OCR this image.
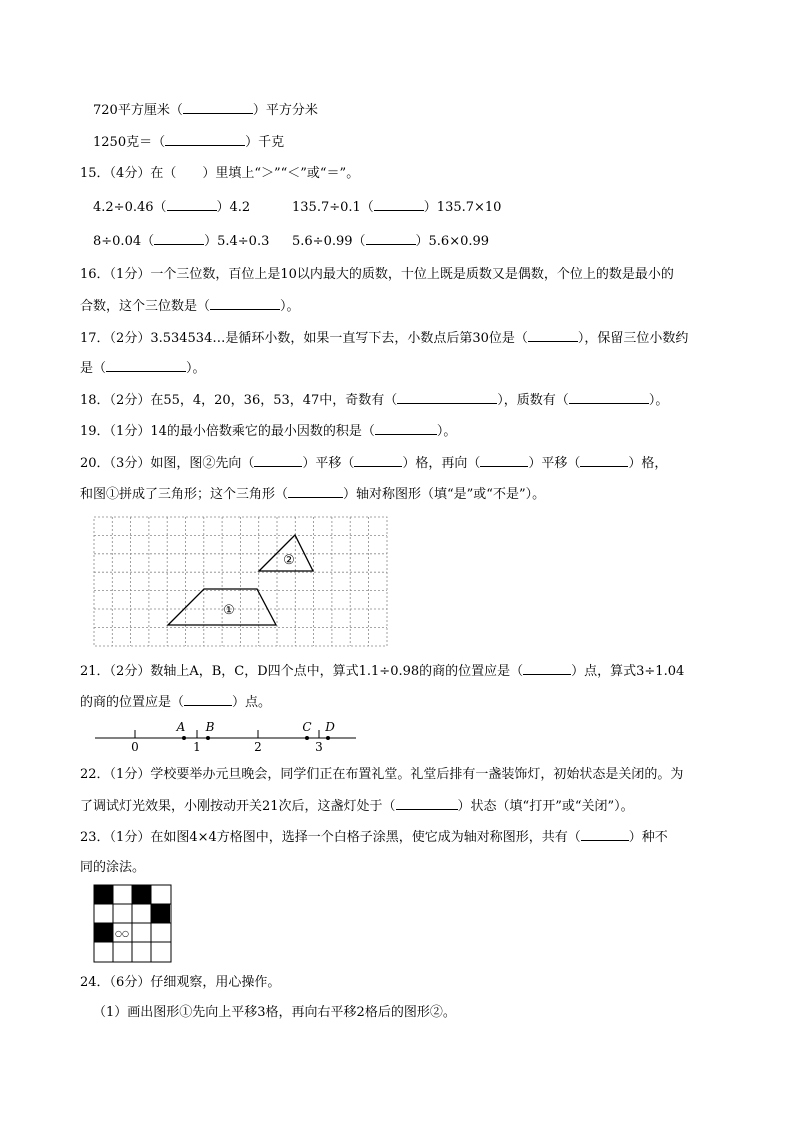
720平方厘米（	）平方分米
1250克＝（	）千克
15．（4分）在（　　）里填上“＞”“＜”或“＝”。
4.2÷0.46（	）4.2	135.7÷0.1（	）135.7×10
8÷0.04（	）5.4÷0.3 5.6÷0.99（	）5.6×0.99
16．（1分）一个三位数，百位上是10以内最大的质数，十位上既是质数又是偶数，个位上的数是最小的
合数，这个三位数是（	）。
17．（2分）3.534534…是循环小数，如果一直写下去，小数点后第30位是（	），保留三位小数约
是（	）。
18．（2分）在55，4，20，36，53，47中，奇数有（	），质数有（	）。
19．（1分）14的最小倍数乘它的最小因数的积是（	）。
20．（3分）如图，图②先向（	）平移（	）格，再向（	）平移（	）格，
和图①拼成了三角形；这个三角形（	）轴对称图形（填“是”或“不是”）。
①
②
21．（2分）数轴上A，B，C，D四个点中，算式1.1÷0.98的商的位置应是（	）点，算式3÷1.04
的商的位置应是（	）点。
A B	C D
0	1	2	3
22．（1分）学校要举办元旦晚会，同学们正在布置礼堂。礼堂后排有一盏装饰灯，初始状态是关闭的。为
了调试灯光效果，小刚按动开关21次后，这盏灯处于（	）状态（填“打开”或“关闭”）。
23．（1分）在如图4×4方格图中，选择一个白格子涂黑，使它成为轴对称图形，共有（	）种不
同的涂法。
○○
24．（6分）仔细观察，用心操作。
（1）画出图形①先向上平移3格，再向右平移2格后的图形②。
